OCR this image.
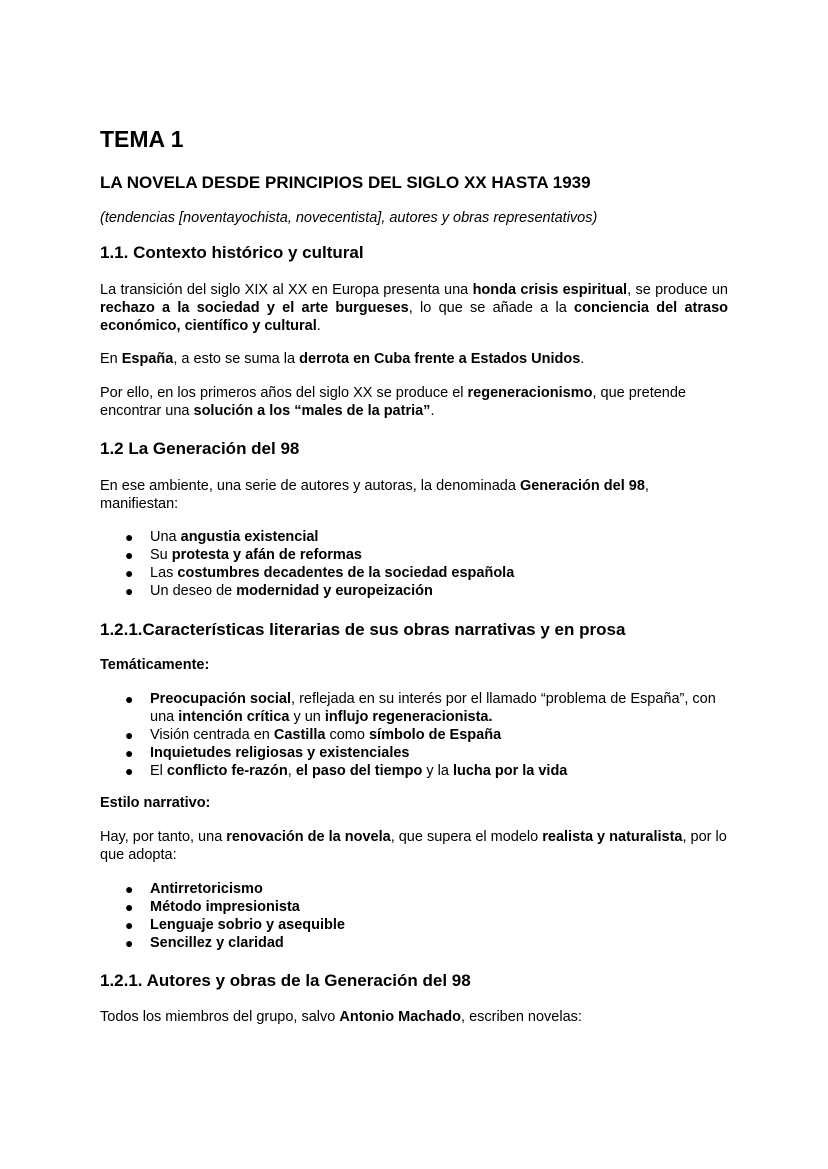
TEMA 1
LA NOVELA DESDE PRINCIPIOS DEL SIGLO XX HASTA 1939

(tendencias [noventayochista, novecentista], autores y obras representativos)

1.1. Contexto histórico y cultural

La transición del siglo XIX al XX en Europa presenta una honda crisis espiritual, se produce un rechazo a la sociedad y el arte burgueses, lo que se añade a la conciencia del atraso económico, científico y cultural.

En España, a esto se suma la derrota en Cuba frente a Estados Unidos.

Por ello, en los primeros años del siglo XX se produce el regeneracionismo, que pretende encontrar una solución a los “males de la patria”.

1.2 La Generación del 98

En ese ambiente, una serie de autores y autoras, la denominada Generación del 98, manifiestan:

● Una angustia existencial
● Su protesta y afán de reformas
● Las costumbres decadentes de la sociedad española
● Un deseo de modernidad y europeización
1.2.1.Características literarias de sus obras narrativas y en prosa

Temáticamente:

● Preocupación social, reflejada en su interés por el llamado “problema de España”, con una intención crítica y un influjo regeneracionista.
● Visión centrada en Castilla como símbolo de España
● Inquietudes religiosas y existenciales
● El conflicto fe-razón, el paso del tiempo y la lucha por la vida

Estilo narrativo:

Hay, por tanto, una renovación de la novela, que supera el modelo realista y naturalista, por lo que adopta:

● Antirretoricismo
● Método impresionista
● Lenguaje sobrio y asequible
● Sencillez y claridad
1.2.1. Autores y obras de la Generación del 98

Todos los miembros del grupo, salvo Antonio Machado, escriben novelas:
